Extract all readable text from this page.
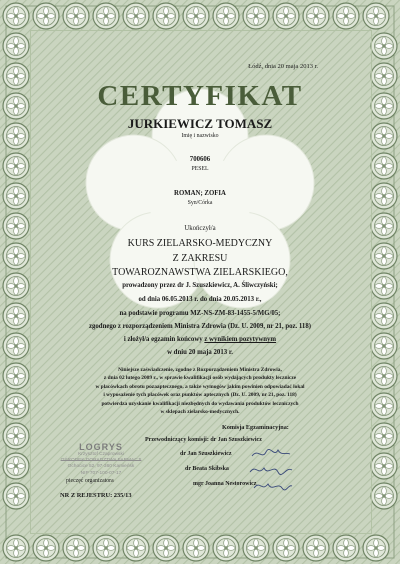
Łódź, dnia 20 maja 2013 r.

CERTYFIKAT

JURKIEWICZ TOMASZ

Imię i nazwisko

700606

PESEL

ROMAN; ZOFIA

Syn/Córka

Ukończył/a

KURS ZIELARSKO-MEDYCZNY

Z ZAKRESU

TOWAROZNAWSTWA ZIELARSKIEGO,

prowadzony przez dr J. Szuszkiewicz, A. Śliwczyński;

od dnia 06.05.2013 r. do dnia 20.05.2013 r.,

na podstawie programu MZ-NS-ZM-83-1455-5/MG/05;

zgodnego z rozporządzeniem Ministra Zdrowia (Dz. U. 2009, nr 21, poz. 118)

i złożył/a egzamin końcowy z wynikiem pozytywnym

w dniu 20 maja 2013 r.

Niniejsze zaświadczenie, zgodne z Rozporządzeniem Ministra Zdrowia,

z dnia 02 lutego 2009 r., w sprawie kwalifikacji osób wydających produkty lecznicze

w placówkach obrotu pozaaptecznego, a także wymogów jakim powinien odpowiadać lokal

i wyposażenie tych placówek oraz punktów aptecznych (Dz. U. 2009, nr 21, poz. 118)

potwierdza uzyskanie kwalifikacji niezbędnych do wydawania produktów leczniczych

w sklepach zielarsko-medycznych.

Komisja Egzaminacyjna:

Przewodniczący komisji: dr Jan Szuszkiewicz

dr Jan Szuszkiewicz

dr Beata Skibska

mgr Joanna Nestorowicz

LOGRYS
Krzysztof Czaprowski
OŚRODEK DORADZTWA FARMACJI
Ochocice 52, 97-360 Kamieńsk
NIP 707-100-07-17

pieczęć organizatora

NR Z REJESTRU: 235/13
